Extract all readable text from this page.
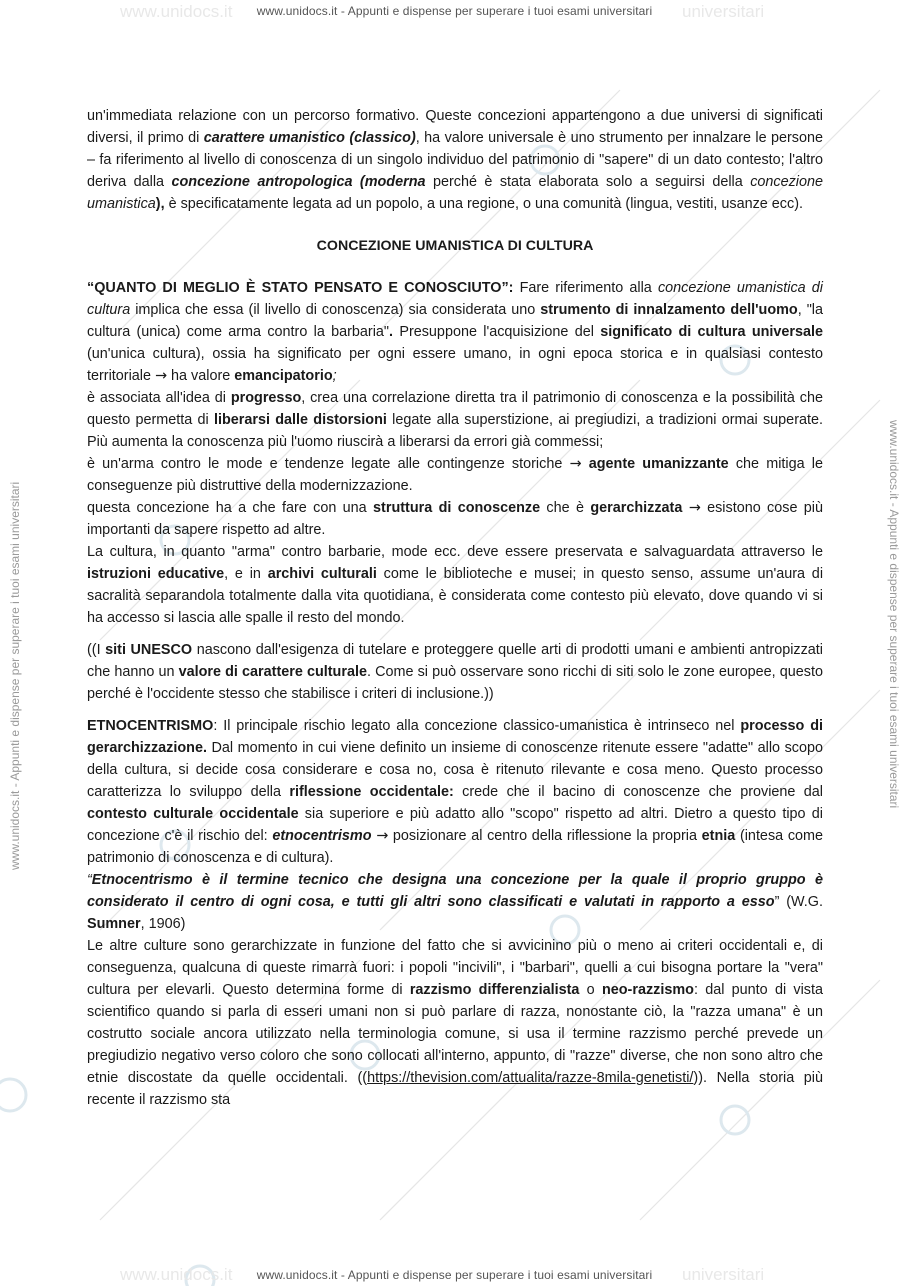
www.unidocs.it	universitari
www.unidocs.it	universitari
www.unidocs.it - Appunti e dispense per superare i tuoi esami universitari
www.unidocs.it - Appunti e dispense per superare i tuoi esami universitari
www.unidocs.it - Appunti e dispense per superare i tuoi esami universitari	www.unidocs.it - Appunti e dispense per superare i tuoi esami universitari

un'immediata relazione con un percorso formativo. Queste concezioni appartengono a due universi di significati diversi, il primo di carattere umanistico (classico), ha valore universale è uno strumento per innalzare le persone – fa riferimento al livello di conoscenza di un singolo individuo del patrimonio di "sapere" di un dato contesto; l'altro deriva dalla concezione antropologica (moderna perché è stata elaborata solo a seguirsi della concezione umanistica), è specificatamente legata ad un popolo, a una regione, o una comunità (lingua, vestiti, usanze ecc).

CONCEZIONE UMANISTICA DI CULTURA

“QUANTO DI MEGLIO È STATO PENSATO E CONOSCIUTO”: Fare riferimento alla concezione umanistica di cultura implica che essa (il livello di conoscenza) sia considerata uno strumento di innalzamento dell'uomo, "la cultura (unica) come arma contro la barbaria". Presuppone l'acquisizione del significato di cultura universale (un'unica cultura), ossia ha significato per ogni essere umano, in ogni epoca storica e in qualsiasi contesto territoriale → ha valore emancipatorio;

è associata all'idea di progresso, crea una correlazione diretta tra il patrimonio di conoscenza e la possibilità che questo permetta di liberarsi dalle distorsioni legate alla superstizione, ai pregiudizi, a tradizioni ormai superate. Più aumenta la conoscenza più l'uomo riuscirà a liberarsi da errori già commessi;

è un'arma contro le mode e tendenze legate alle contingenze storiche → agente umanizzante che mitiga le conseguenze più distruttive della modernizzazione.

questa concezione ha a che fare con una struttura di conoscenze che è gerarchizzata → esistono cose più importanti da sapere rispetto ad altre.

La cultura, in quanto "arma" contro barbarie, mode ecc. deve essere preservata e salvaguardata attraverso le istruzioni educative, e in archivi culturali come le biblioteche e musei; in questo senso, assume un'aura di sacralità separandola totalmente dalla vita quotidiana, è considerata come contesto più elevato, dove quando vi si ha accesso si lascia alle spalle il resto del mondo.

((I siti UNESCO nascono dall'esigenza di tutelare e proteggere quelle arti di prodotti umani e ambienti antropizzati che hanno un valore di carattere culturale. Come si può osservare sono ricchi di siti solo le zone europee, questo perché è l'occidente stesso che stabilisce i criteri di inclusione.))

ETNOCENTRISMO: Il principale rischio legato alla concezione classico-umanistica è intrinseco nel processo di gerarchizzazione. Dal momento in cui viene definito un insieme di conoscenze ritenute essere "adatte" allo scopo della cultura, si decide cosa considerare e cosa no, cosa è ritenuto rilevante e cosa meno. Questo processo caratterizza lo sviluppo della riflessione occidentale: crede che il bacino di conoscenze che proviene dal contesto culturale occidentale sia superiore e più adatto allo "scopo" rispetto ad altri. Dietro a questo tipo di concezione c'è il rischio del: etnocentrismo → posizionare al centro della riflessione la propria etnia (intesa come patrimonio di conoscenza e di cultura).

“Etnocentrismo è il termine tecnico che designa una concezione per la quale il proprio gruppo è considerato il centro di ogni cosa, e tutti gli altri sono classificati e valutati in rapporto a esso” (W.G. Sumner, 1906)

Le altre culture sono gerarchizzate in funzione del fatto che si avvicinino più o meno ai criteri occidentali e, di conseguenza, qualcuna di queste rimarrà fuori: i popoli "incivili", i "barbari", quelli a cui bisogna portare la "vera" cultura per elevarli. Questo determina forme di razzismo differenzialista o neo-razzismo: dal punto di vista scientifico quando si parla di esseri umani non si può parlare di razza, nonostante ciò, la "razza umana" è un costrutto sociale ancora utilizzato nella terminologia comune, si usa il termine razzismo perché prevede un pregiudizio negativo verso coloro che sono collocati all'interno, appunto, di "razze" diverse, che non sono altro che etnie discostate da quelle occidentali. ((https://thevision.com/attualita/razze-8mila-genetisti/)). Nella storia più recente il razzismo sta
